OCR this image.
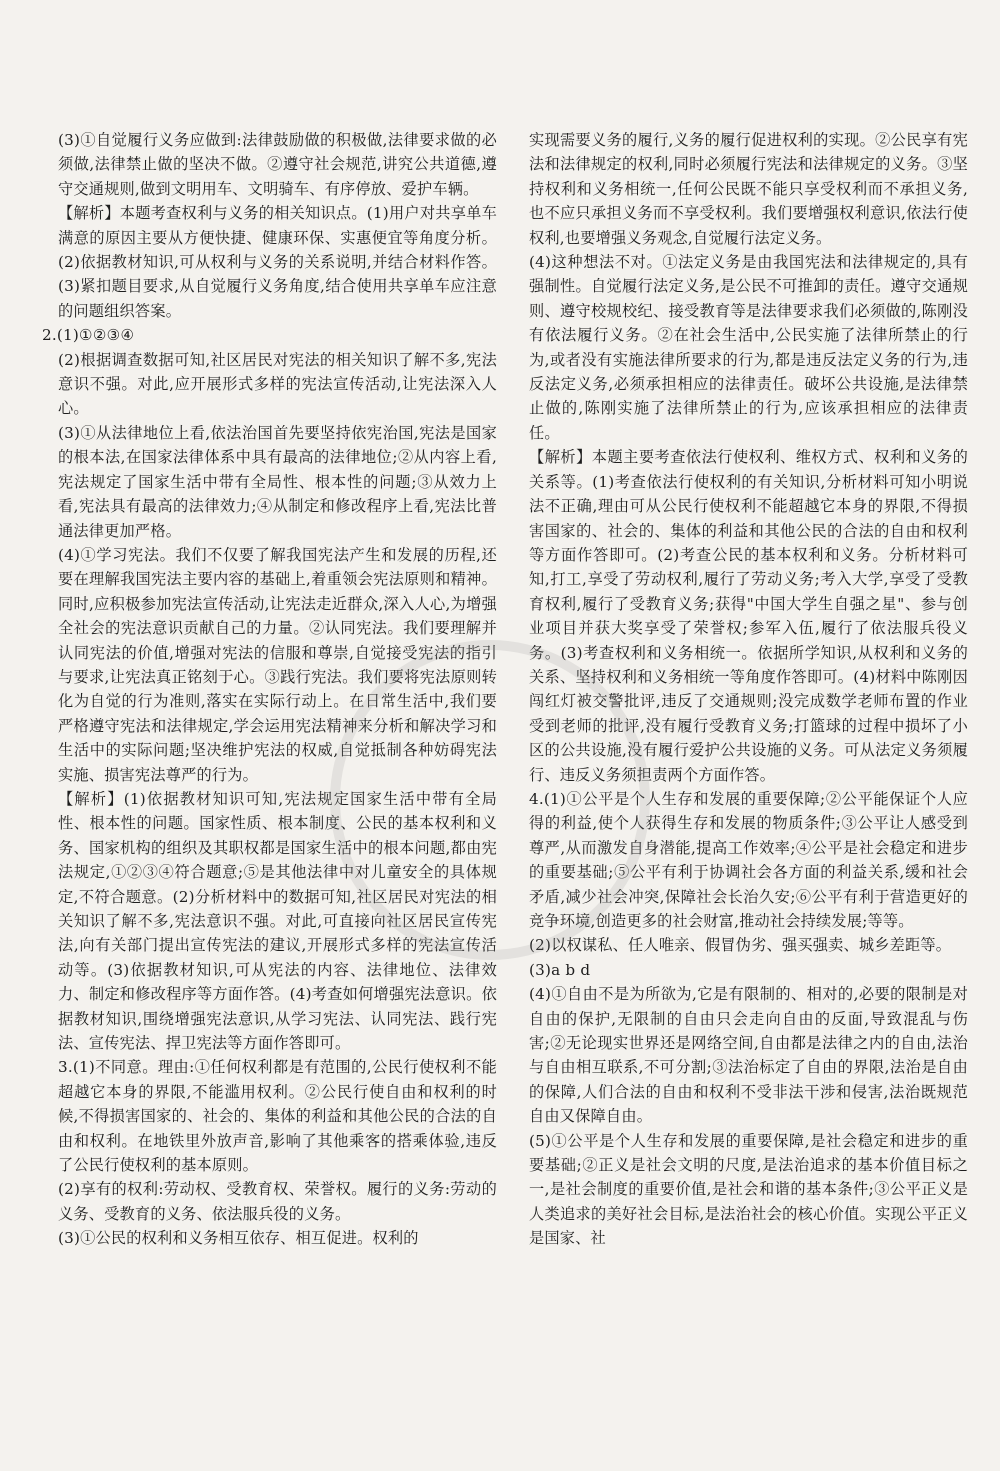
(3)①自觉履行义务应做到:法律鼓励做的积极做,法律要求做的必须做,法律禁止做的坚决不做。②遵守社会规范,讲究公共道德,遵守交通规则,做到文明用车、文明骑车、有序停放、爱护车辆。

【解析】本题考查权利与义务的相关知识点。(1)用户对共享单车满意的原因主要从方便快捷、健康环保、实惠便宜等角度分析。(2)依据教材知识,可从权利与义务的关系说明,并结合材料作答。(3)紧扣题目要求,从自觉履行义务角度,结合使用共享单车应注意的问题组织答案。

2.(1)①②③④

(2)根据调查数据可知,社区居民对宪法的相关知识了解不多,宪法意识不强。对此,应开展形式多样的宪法宣传活动,让宪法深入人心。

(3)①从法律地位上看,依法治国首先要坚持依宪治国,宪法是国家的根本法,在国家法律体系中具有最高的法律地位;②从内容上看,宪法规定了国家生活中带有全局性、根本性的问题;③从效力上看,宪法具有最高的法律效力;④从制定和修改程序上看,宪法比普通法律更加严格。

(4)①学习宪法。我们不仅要了解我国宪法产生和发展的历程,还要在理解我国宪法主要内容的基础上,着重领会宪法原则和精神。同时,应积极参加宪法宣传活动,让宪法走近群众,深入人心,为增强全社会的宪法意识贡献自己的力量。②认同宪法。我们要理解并认同宪法的价值,增强对宪法的信服和尊崇,自觉接受宪法的指引与要求,让宪法真正铭刻于心。③践行宪法。我们要将宪法原则转化为自觉的行为准则,落实在实际行动上。在日常生活中,我们要严格遵守宪法和法律规定,学会运用宪法精神来分析和解决学习和生活中的实际问题;坚决维护宪法的权威,自觉抵制各种妨碍宪法实施、损害宪法尊严的行为。

【解析】(1)依据教材知识可知,宪法规定国家生活中带有全局性、根本性的问题。国家性质、根本制度、公民的基本权利和义务、国家机构的组织及其职权都是国家生活中的根本问题,都由宪法规定,①②③④符合题意;⑤是其他法律中对儿童安全的具体规定,不符合题意。(2)分析材料中的数据可知,社区居民对宪法的相关知识了解不多,宪法意识不强。对此,可直接向社区居民宣传宪法,向有关部门提出宣传宪法的建议,开展形式多样的宪法宣传活动等。(3)依据教材知识,可从宪法的内容、法律地位、法律效力、制定和修改程序等方面作答。(4)考查如何增强宪法意识。依据教材知识,围绕增强宪法意识,从学习宪法、认同宪法、践行宪法、宣传宪法、捍卫宪法等方面作答即可。

3.(1)不同意。理由:①任何权利都是有范围的,公民行使权利不能超越它本身的界限,不能滥用权利。②公民行使自由和权利的时候,不得损害国家的、社会的、集体的利益和其他公民的合法的自由和权利。在地铁里外放声音,影响了其他乘客的搭乘体验,违反了公民行使权利的基本原则。

(2)享有的权利:劳动权、受教育权、荣誉权。履行的义务:劳动的义务、受教育的义务、依法服兵役的义务。

(3)①公民的权利和义务相互依存、相互促进。权利的

实现需要义务的履行,义务的履行促进权利的实现。②公民享有宪法和法律规定的权利,同时必须履行宪法和法律规定的义务。③坚持权利和义务相统一,任何公民既不能只享受权利而不承担义务,也不应只承担义务而不享受权利。我们要增强权利意识,依法行使权利,也要增强义务观念,自觉履行法定义务。

(4)这种想法不对。①法定义务是由我国宪法和法律规定的,具有强制性。自觉履行法定义务,是公民不可推卸的责任。遵守交通规则、遵守校规校纪、接受教育等是法律要求我们必须做的,陈刚没有依法履行义务。②在社会生活中,公民实施了法律所禁止的行为,或者没有实施法律所要求的行为,都是违反法定义务的行为,违反法定义务,必须承担相应的法律责任。破坏公共设施,是法律禁止做的,陈刚实施了法律所禁止的行为,应该承担相应的法律责任。

【解析】本题主要考查依法行使权利、维权方式、权利和义务的关系等。(1)考查依法行使权利的有关知识,分析材料可知小明说法不正确,理由可从公民行使权利不能超越它本身的界限,不得损害国家的、社会的、集体的利益和其他公民的合法的自由和权利等方面作答即可。(2)考查公民的基本权利和义务。分析材料可知,打工,享受了劳动权利,履行了劳动义务;考入大学,享受了受教育权利,履行了受教育义务;获得"中国大学生自强之星"、参与创业项目并获大奖享受了荣誉权;参军入伍,履行了依法服兵役义务。(3)考查权利和义务相统一。依据所学知识,从权利和义务的关系、坚持权利和义务相统一等角度作答即可。(4)材料中陈刚因闯红灯被交警批评,违反了交通规则;没完成数学老师布置的作业受到老师的批评,没有履行受教育义务;打篮球的过程中损坏了小区的公共设施,没有履行爱护公共设施的义务。可从法定义务须履行、违反义务须担责两个方面作答。

4.(1)①公平是个人生存和发展的重要保障;②公平能保证个人应得的利益,使个人获得生存和发展的物质条件;③公平让人感受到尊严,从而激发自身潜能,提高工作效率;④公平是社会稳定和进步的重要基础;⑤公平有利于协调社会各方面的利益关系,缓和社会矛盾,减少社会冲突,保障社会长治久安;⑥公平有利于营造更好的竞争环境,创造更多的社会财富,推动社会持续发展;等等。

(2)以权谋私、任人唯亲、假冒伪劣、强买强卖、城乡差距等。

(3)a b d

(4)①自由不是为所欲为,它是有限制的、相对的,必要的限制是对自由的保护,无限制的自由只会走向自由的反面,导致混乱与伤害;②无论现实世界还是网络空间,自由都是法律之内的自由,法治与自由相互联系,不可分割;③法治标定了自由的界限,法治是自由的保障,人们合法的自由和权利不受非法干涉和侵害,法治既规范自由又保障自由。

(5)①公平是个人生存和发展的重要保障,是社会稳定和进步的重要基础;②正义是社会文明的尺度,是法治追求的基本价值目标之一,是社会制度的重要价值,是社会和谐的基本条件;③公平正义是人类追求的美好社会目标,是法治社会的核心价值。实现公平正义是国家、社
